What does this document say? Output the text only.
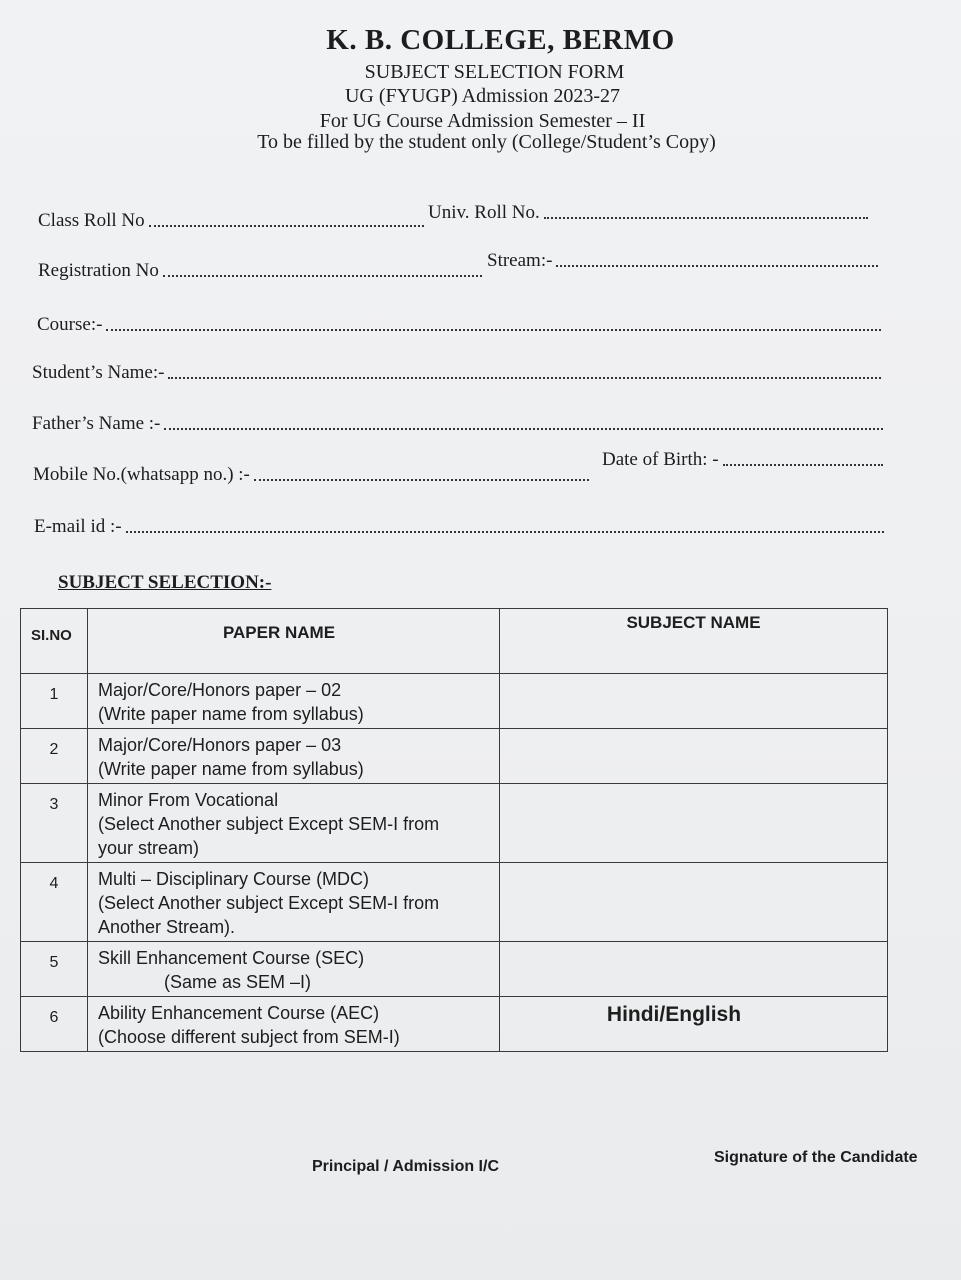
K. B. COLLEGE, BERMO
SUBJECT SELECTION FORM
UG (FYUGP) Admission 2023-27
For UG Course Admission Semester – II
To be filled by the student only (College/Student’s Copy)
Class Roll No	Univ. Roll No.
Registration No	Stream:-
Course:-
Student’s Name:-
Father’s Name :-
Mobile No.(whatsapp no.) :-
Date of Birth: -
E-mail id :-
SUBJECT SELECTION:-
SI.NO	PAPER NAME	SUBJECT NAME
1	Major/Core/Honors paper – 02
(Write paper name from syllabus)	

2	Major/Core/Honors paper – 03
(Write paper name from syllabus)	

3	Minor From Vocational
(Select Another subject Except SEM-I from
your stream)	

4	Multi – Disciplinary Course (MDC)
(Select Another subject Except SEM-I from
Another Stream).	

5	Skill Enhancement Course (SEC)
(Same as SEM –I)	

6	Ability Enhancement Course (AEC)
(Choose different subject from SEM-I)	Hindi/English
Principal / Admission I/C
Signature of the Candidate
